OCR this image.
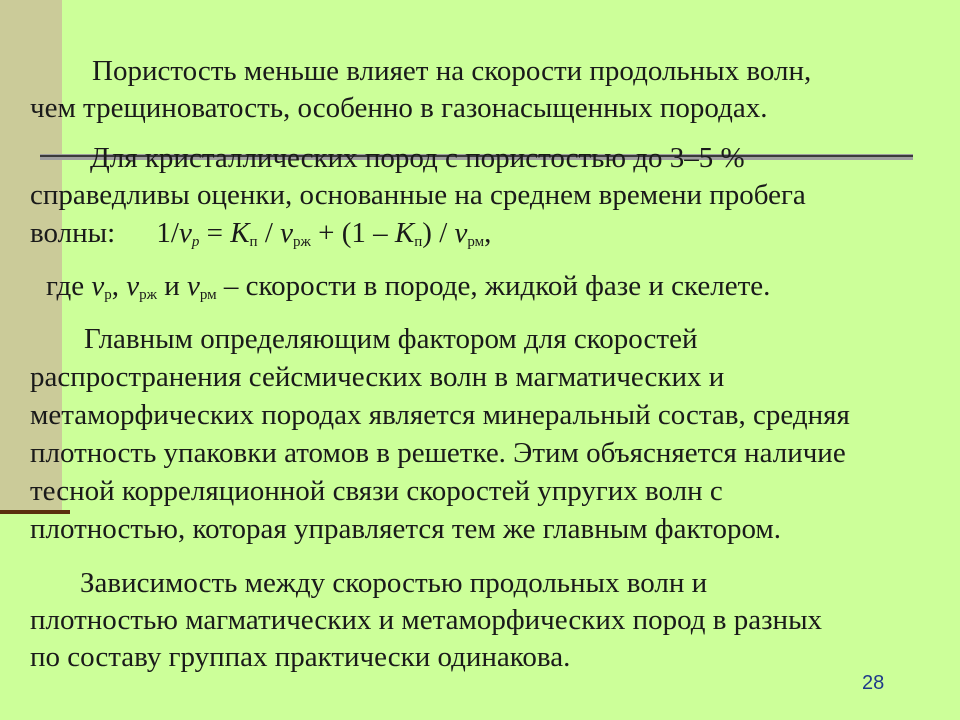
Пористость меньше влияет на скорости продольных волн,

чем трещиноватость, особенно в газонасыщенных породах.

Для кристаллических пород с пористостью до 3–5 %

справедливы оценки, основанные на среднем времени пробега

волны: $1/v_p = K_п / v_{рж} + (1 - K_п) / v_{рм}$,

где $v_р$, $v_{рж}$ и $v_{рм}$ – скорости в породе, жидкой фазе и скелете.

Главным определяющим фактором для скоростей

распространения сейсмических волн в магматических и

метаморфических породах является минеральный состав, средняя

плотность упаковки атомов в решетке. Этим объясняется наличие

тесной корреляционной связи скоростей упругих волн с

плотностью, которая управляется тем же главным фактором.

Зависимость между скоростью продольных волн и

плотностью магматических и метаморфических пород в разных

по составу группах практически одинакова.

28
